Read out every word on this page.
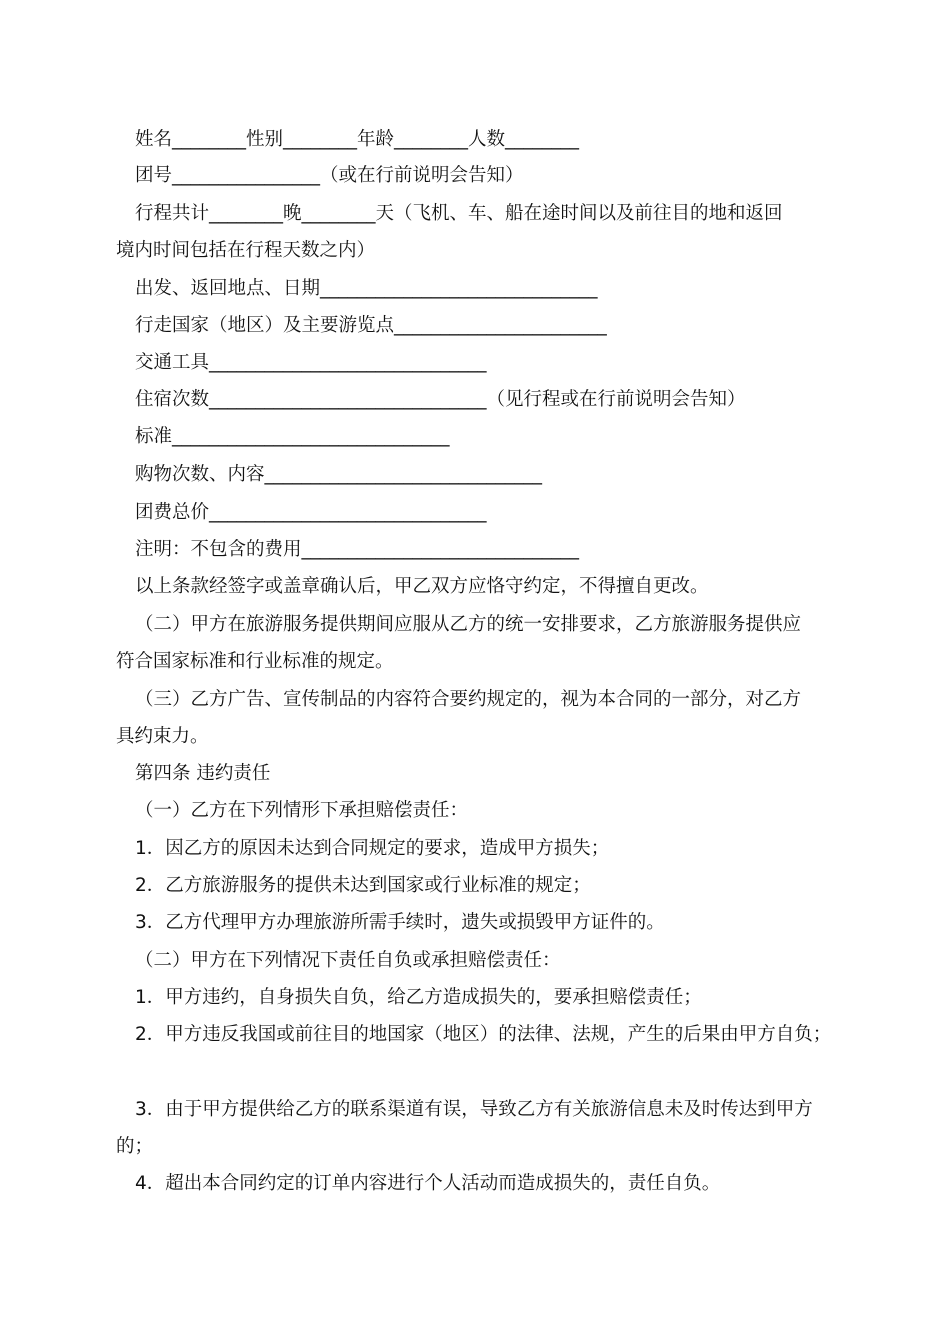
姓名________性别________年龄________人数________
团号________________（或在行前说明会告知）
行程共计________晚________天（飞机、车、船在途时间以及前往目的地和返回
境内时间包括在行程天数之内）
出发、返回地点、日期______________________________
行走国家（地区）及主要游览点_______________________
交通工具______________________________
住宿次数______________________________（见行程或在行前说明会告知）
标准______________________________
购物次数、内容______________________________
团费总价______________________________
注明：不包含的费用______________________________
以上条款经签字或盖章确认后，甲乙双方应恪守约定，不得擅自更改。
（二）甲方在旅游服务提供期间应服从乙方的统一安排要求，乙方旅游服务提供应
符合国家标准和行业标准的规定。
（三）乙方广告、宣传制品的内容符合要约规定的，视为本合同的一部分，对乙方
具约束力。
第四条 违约责任
（一）乙方在下列情形下承担赔偿责任：
1．因乙方的原因未达到合同规定的要求，造成甲方损失；
2．乙方旅游服务的提供未达到国家或行业标准的规定；
3．乙方代理甲方办理旅游所需手续时，遗失或损毁甲方证件的。
（二）甲方在下列情况下责任自负或承担赔偿责任：
1．甲方违约，自身损失自负，给乙方造成损失的，要承担赔偿责任；
2．甲方违反我国或前往目的地国家（地区）的法律、法规，产生的后果由甲方自负；
3．由于甲方提供给乙方的联系渠道有误，导致乙方有关旅游信息未及时传达到甲方
的；
4．超出本合同约定的订单内容进行个人活动而造成损失的，责任自负。
